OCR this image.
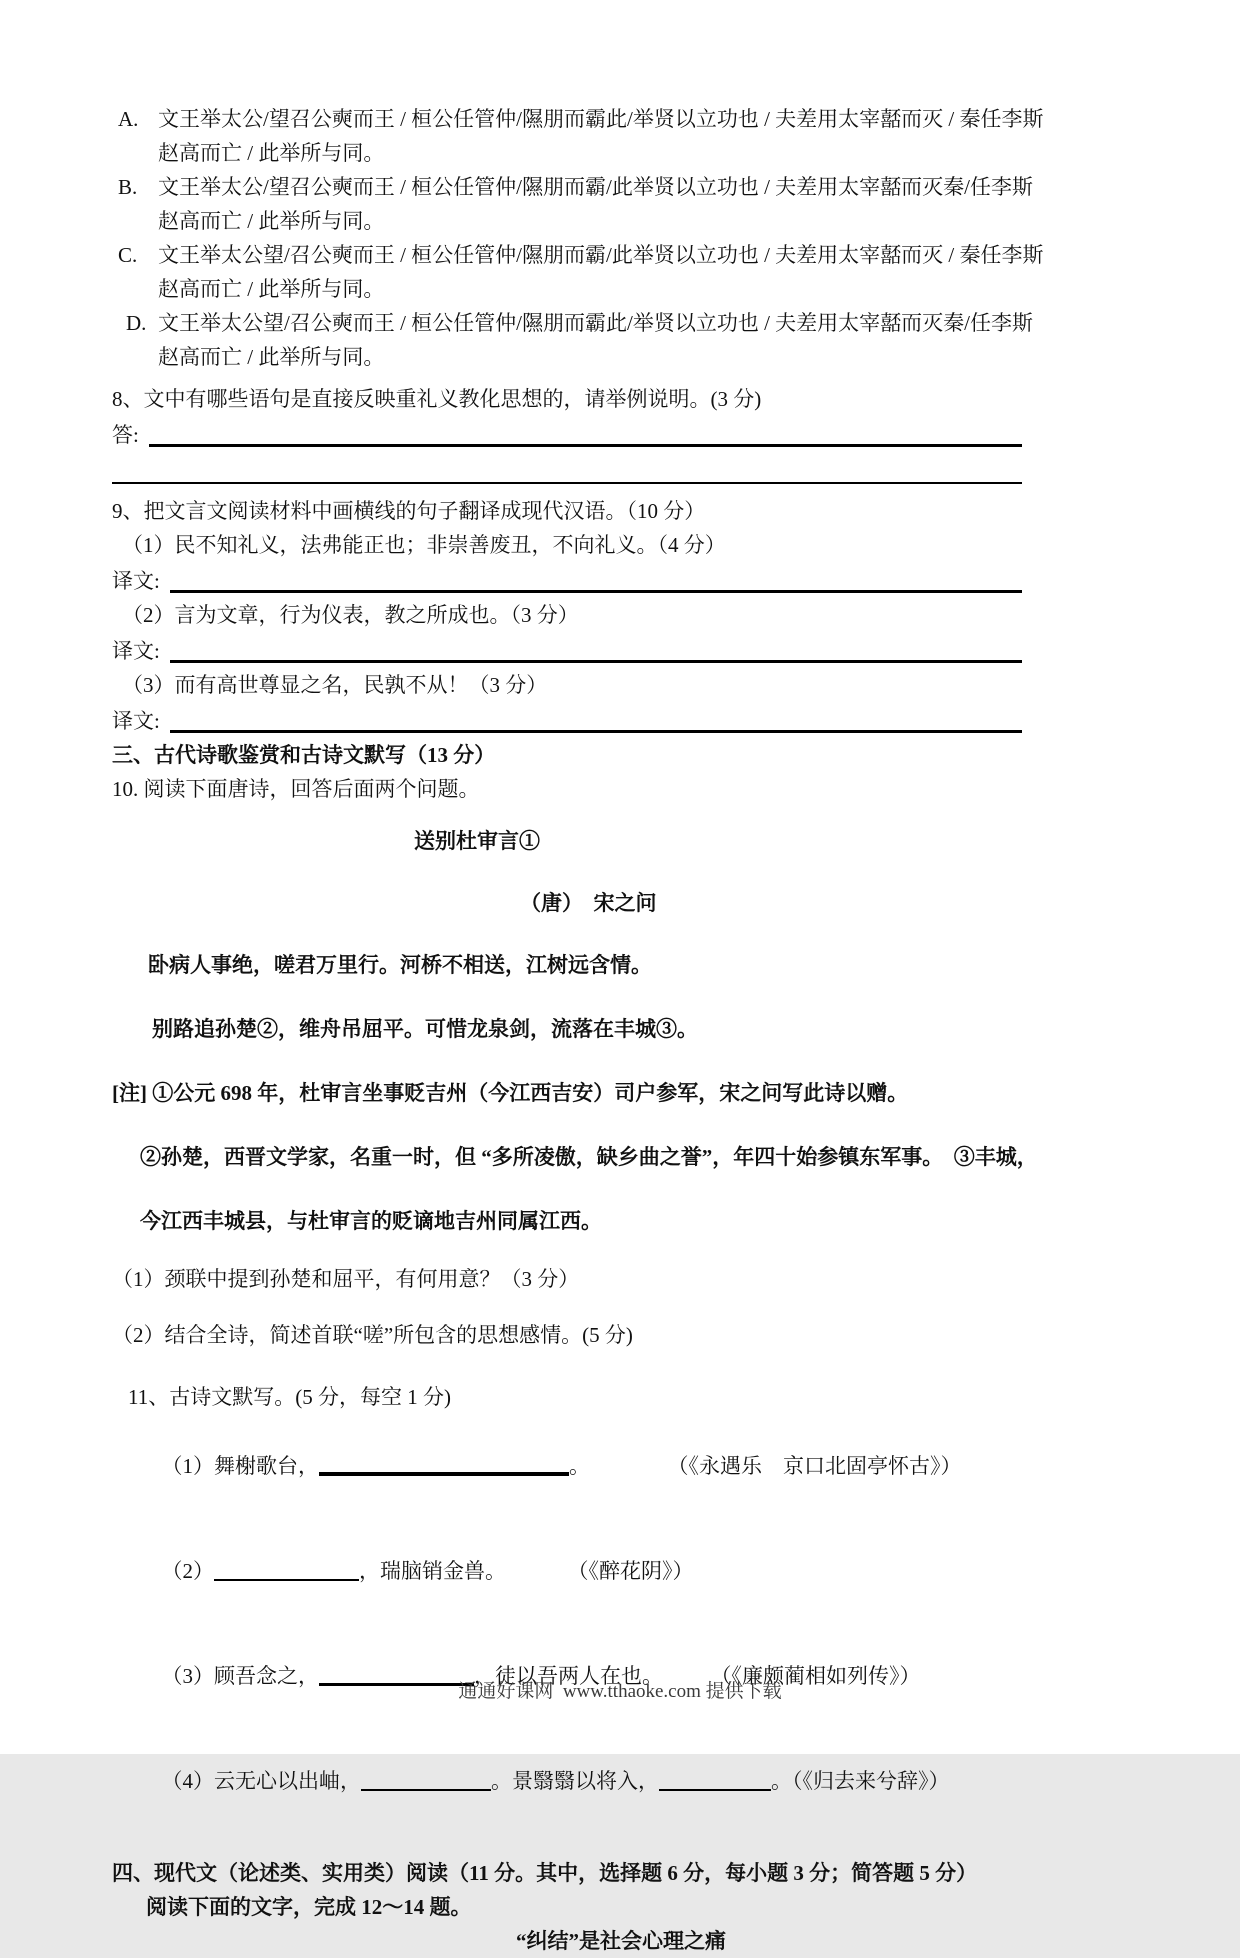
A. 文王举太公/望召公奭而王 / 桓公任管仲/隰朋而霸此/举贤以立功也 / 夫差用太宰嚭而灭 / 秦任李斯
赵高而亡 / 此举所与同。
B. 文王举太公/望召公奭而王 / 桓公任管仲/隰朋而霸/此举贤以立功也 / 夫差用太宰嚭而灭秦/任李斯
赵高而亡 / 此举所与同。
C. 文王举太公望/召公奭而王 / 桓公任管仲/隰朋而霸/此举贤以立功也 / 夫差用太宰嚭而灭 / 秦任李斯
赵高而亡 / 此举所与同。
D. 文王举太公望/召公奭而王 / 桓公任管仲/隰朋而霸此/举贤以立功也 / 夫差用太宰嚭而灭秦/任李斯
赵高而亡 / 此举所与同。
8、文中有哪些语句是直接反映重礼义教化思想的，请举例说明。(3 分)
答:
9、把文言文阅读材料中画横线的句子翻译成现代汉语。（10 分）
（1）民不知礼义，法弗能正也；非崇善废丑，不向礼义。（4 分）
译文:
（2）言为文章，行为仪表，教之所成也。（3 分）
译文:
（3）而有高世尊显之名，民孰不从！（3 分）
译文:
三、古代诗歌鉴赏和古诗文默写（13 分）
10. 阅读下面唐诗，回答后面两个问题。
送别杜审言①
（唐）　宋之问
卧病人事绝，嗟君万里行。河桥不相送，江树远含情。
别路追孙楚②，维舟吊屈平。可惜龙泉剑，流落在丰城③。
[注] ①公元 698 年，杜审言坐事贬吉州（今江西吉安）司户参军，宋之问写此诗以赠。
②孙楚，西晋文学家，名重一时，但 “多所凌傲，缺乡曲之誉”，年四十始参镇东军事。　③丰城，
今江西丰城县，与杜审言的贬谪地吉州同属江西。
（1）颈联中提到孙楚和屈平，有何用意？（3 分）
（2）结合全诗，简述首联“嗟”所包含的思想感情。(5 分)
11、古诗文默写。(5 分，每空 1 分)

（1）舞榭歌台，	。	（《永遇乐　京口北固亭怀古》）

（2）	，瑞脑销金兽。	（《醉花阴》）

（3）顾吾念之，	，徒以吾两人在也。	（《廉颇蔺相如列传》）

（4）云无心以出岫，	。景翳翳以将入，	。（《归去来兮辞》）

四、现代文（论述类、实用类）阅读（11 分。其中，选择题 6 分，每小题 3 分；简答题 5 分）
阅读下面的文字，完成 12～14 题。
“纠结”是社会心理之痛
通通好课网  www.tthaoke.com 提供下载
